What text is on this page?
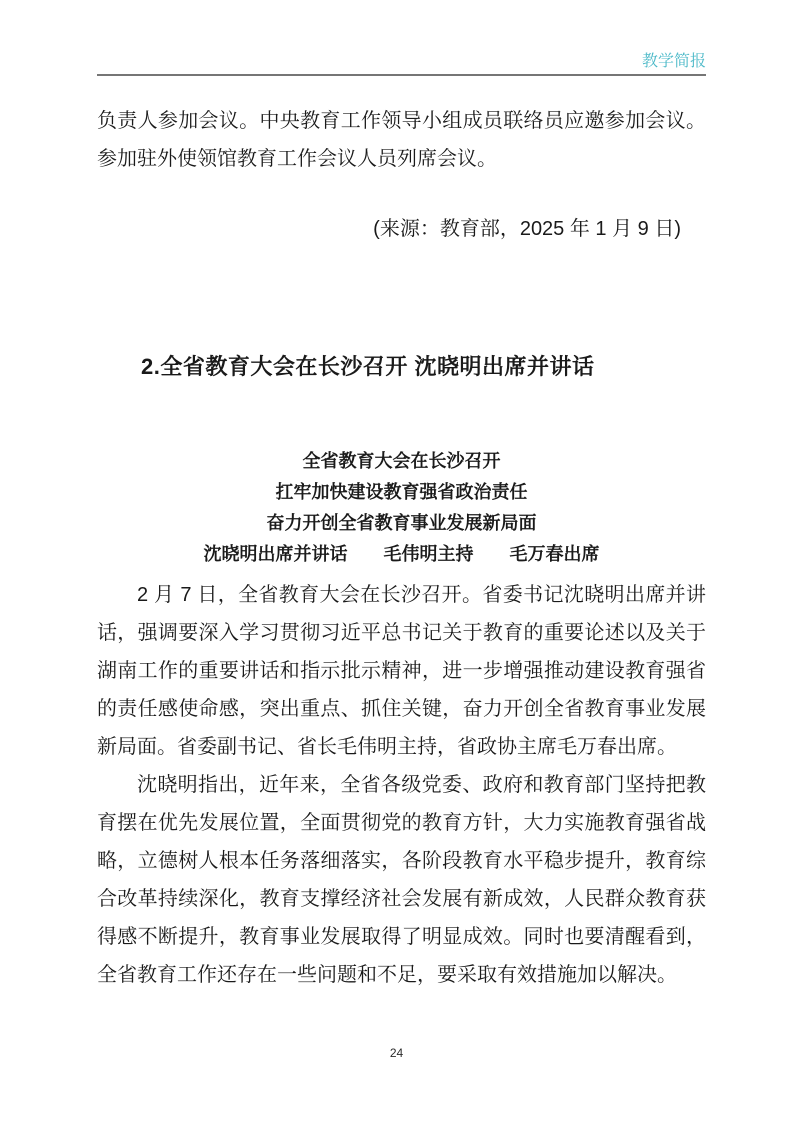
教学简报

负责人参加会议。中央教育工作领导小组成员联络员应邀参加会议。参加驻外使领馆教育工作会议人员列席会议。

(来源：教育部，2025 年 1 月 9 日)

2.全省教育大会在长沙召开 沈晓明出席并讲话
全省教育大会在长沙召开
扛牢加快建设教育强省政治责任
奋力开创全省教育事业发展新局面
沈晓明出席并讲话　　毛伟明主持　　毛万春出席

2 月 7 日，全省教育大会在长沙召开。省委书记沈晓明出席并讲话，强调要深入学习贯彻习近平总书记关于教育的重要论述以及关于湖南工作的重要讲话和指示批示精神，进一步增强推动建设教育强省的责任感使命感，突出重点、抓住关键，奋力开创全省教育事业发展新局面。省委副书记、省长毛伟明主持，省政协主席毛万春出席。

沈晓明指出，近年来，全省各级党委、政府和教育部门坚持把教育摆在优先发展位置，全面贯彻党的教育方针，大力实施教育强省战略，立德树人根本任务落细落实，各阶段教育水平稳步提升，教育综合改革持续深化，教育支撑经济社会发展有新成效，人民群众教育获得感不断提升，教育事业发展取得了明显成效。同时也要清醒看到，全省教育工作还存在一些问题和不足，要采取有效措施加以解决。

24
